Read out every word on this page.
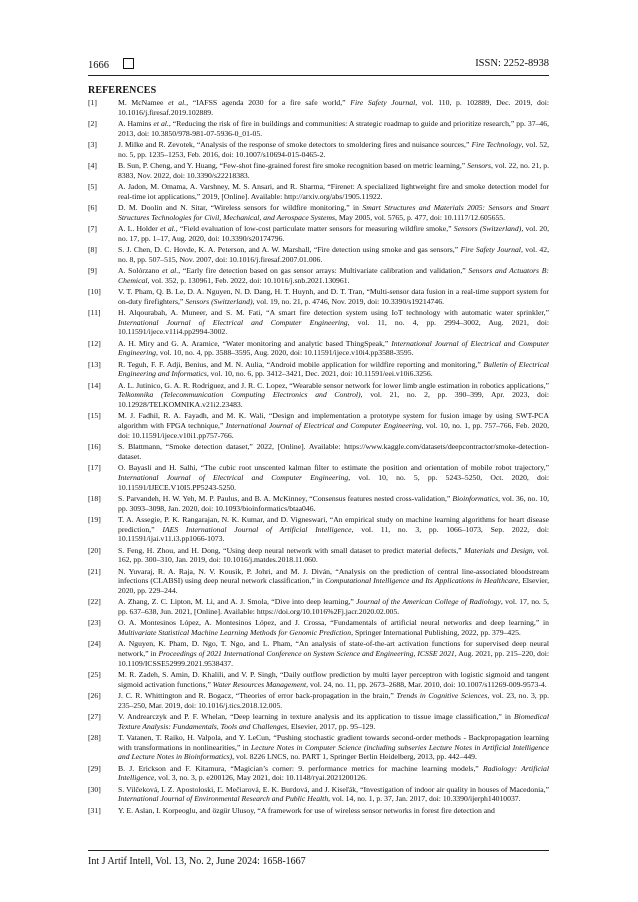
1666	ISSN: 2252-8938
REFERENCES
[1]	M. McNamee et al., “IAFSS agenda 2030 for a fire safe world,” Fire Safety Journal, vol. 110, p. 102889, Dec. 2019, doi: 10.1016/j.firesaf.2019.102889.
[2]	A. Hamins et al., “Reducing the risk of fire in buildings and communities: A strategic roadmap to guide and prioritize research,” pp. 37–46, 2013, doi: 10.3850/978-981-07-5936-0_01-05.
[3]	J. Milke and R. Zevotek, “Analysis of the response of smoke detectors to smoldering fires and nuisance sources,” Fire Technology, vol. 52, no. 5, pp. 1235–1253, Feb. 2016, doi: 10.1007/s10694-015-0465-2.
[4]	B. Sun, P. Cheng, and Y. Huang, “Few-shot fine-grained forest fire smoke recognition based on metric learning,” Sensors, vol. 22, no. 21, p. 8383, Nov. 2022, doi: 10.3390/s22218383.
[5]	A. Jadon, M. Omama, A. Varshney, M. S. Ansari, and R. Sharma, “Firenet: A specialized lightweight fire and smoke detection model for real-time iot applications,” 2019, [Online]. Available: http://arxiv.org/abs/1905.11922.
[6]	D. M. Doolin and N. Sitar, “Wireless sensors for wildfire monitoring,” in Smart Structures and Materials 2005: Sensors and Smart Structures Technologies for Civil, Mechanical, and Aerospace Systems, May 2005, vol. 5765, p. 477, doi: 10.1117/12.605655.
[7]	A. L. Holder et al., “Field evaluation of low-cost particulate matter sensors for measuring wildfire smoke,” Sensors (Switzerland), vol. 20, no. 17, pp. 1–17, Aug. 2020, doi: 10.3390/s20174796.
[8]	S. J. Chen, D. C. Hovde, K. A. Peterson, and A. W. Marshall, “Fire detection using smoke and gas sensors,” Fire Safety Journal, vol. 42, no. 8, pp. 507–515, Nov. 2007, doi: 10.1016/j.firesaf.2007.01.006.
[9]	A. Solórzano et al., “Early fire detection based on gas sensor arrays: Multivariate calibration and validation,” Sensors and Actuators B: Chemical, vol. 352, p. 130961, Feb. 2022, doi: 10.1016/j.snb.2021.130961.
[10] V. T. Pham, Q. B. Le, D. A. Nguyen, N. D. Dang, H. T. Huynh, and D. T. Tran, “Multi-sensor data fusion in a real-time support system for on-duty firefighters,” Sensors (Switzerland), vol. 19, no. 21, p. 4746, Nov. 2019, doi: 10.3390/s19214746.
[11] H. Alqourabah, A. Muneer, and S. M. Fati, “A smart fire detection system using IoT technology with automatic water sprinkler,” International Journal of Electrical and Computer Engineering, vol. 11, no. 4, pp. 2994–3002, Aug. 2021, doi: 10.11591/ijece.v11i4.pp2994-3002.
[12] A. H. Miry and G. A. Aramice, “Water monitoring and analytic based ThingSpeak,” International Journal of Electrical and Computer Engineering, vol. 10, no. 4, pp. 3588–3595, Aug. 2020, doi: 10.11591/ijece.v10i4.pp3588-3595.
[13] R. Teguh, F. F. Adji, Benius, and M. N. Aulia, “Android mobile application for wildfire reporting and monitoring,” Bulletin of Electrical Engineering and Informatics, vol. 10, no. 6, pp. 3412–3421, Dec. 2021, doi: 10.11591/eei.v10i6.3256.
[14] A. L. Jutinico, G. A. R. Rodriguez, and J. R. C. Lopez, “Wearable sensor network for lower limb angle estimation in robotics applications,” Telkomnika (Telecommunication Computing Electronics and Control), vol. 21, no. 2, pp. 390–399, Apr. 2023, doi: 10.12928/TELKOMNIKA.v21i2.23483.
[15] M. J. Fadhil, R. A. Fayadh, and M. K. Wali, “Design and implementation a prototype system for fusion image by using SWT-PCA algorithm with FPGA technique,” International Journal of Electrical and Computer Engineering, vol. 10, no. 1, pp. 757–766, Feb. 2020, doi: 10.11591/ijece.v10i1.pp757-766.
[16] S. Blattmann, “Smoke detection dataset,” 2022, [Online]. Available: https://www.kaggle.com/datasets/deepcontractor/smoke-detection-dataset.
[17] O. Bayasli and H. Salhi, “The cubic root unscented kalman filter to estimate the position and orientation of mobile robot trajectory,” International Journal of Electrical and Computer Engineering, vol. 10, no. 5, pp. 5243–5250, Oct. 2020, doi: 10.11591/IJECE.V10I5.PP5243-5250.
[18] S. Parvandeh, H. W. Yeh, M. P. Paulus, and B. A. McKinney, “Consensus features nested cross-validation,” Bioinformatics, vol. 36, no. 10, pp. 3093–3098, Jan. 2020, doi: 10.1093/bioinformatics/btaa046.
[19] T. A. Assegie, P. K. Rangarajan, N. K. Kumar, and D. Vigneswari, “An empirical study on machine learning algorithms for heart disease prediction,” IAES International Journal of Artificial Intelligence, vol. 11, no. 3, pp. 1066–1073, Sep. 2022, doi: 10.11591/ijai.v11.i3.pp1066-1073.
[20] S. Feng, H. Zhou, and H. Dong, “Using deep neural network with small dataset to predict material defects,” Materials and Design, vol. 162, pp. 300–310, Jan. 2019, doi: 10.1016/j.matdes.2018.11.060.
[21] N. Yuvaraj, R. A. Raja, N. V. Kousik, P. Johri, and M. J. Diván, “Analysis on the prediction of central line-associated bloodstream infections (CLABSI) using deep neural network classification,” in Computational Intelligence and Its Applications in Healthcare, Elsevier, 2020, pp. 229–244.
[22] A. Zhang, Z. C. Lipton, M. Li, and A. J. Smola, “Dive into deep learning,” Journal of the American College of Radiology, vol. 17, no. 5, pp. 637–638, Jun. 2021, [Online]. Available: https://doi.org/10.1016%2Fj.jacr.2020.02.005.
[23] O. A. Montesinos López, A. Montesinos López, and J. Crossa, “Fundamentals of artificial neural networks and deep learning,” in Multivariate Statistical Machine Learning Methods for Genomic Prediction, Springer International Publishing, 2022, pp. 379–425.
[24] A. Nguyen, K. Pham, D. Ngo, T. Ngo, and L. Pham, “An analysis of state-of-the-art activation functions for supervised deep neural network,” in Proceedings of 2021 International Conference on System Science and Engineering, ICSSE 2021, Aug. 2021, pp. 215–220, doi: 10.1109/ICSSE52999.2021.9538437.
[25] M. R. Zadeh, S. Amin, D. Khalili, and V. P. Singh, “Daily outflow prediction by multi layer perceptron with logistic sigmoid and tangent sigmoid activation functions,” Water Resources Management, vol. 24, no. 11, pp. 2673–2688, Mar. 2010, doi: 10.1007/s11269-009-9573-4.
[26] J. C. R. Whittington and R. Bogacz, “Theories of error back-propagation in the brain,” Trends in Cognitive Sciences, vol. 23, no. 3, pp. 235–250, Mar. 2019, doi: 10.1016/j.tics.2018.12.005.
[27] V. Andrearczyk and P. F. Whelan, “Deep learning in texture analysis and its application to tissue image classification,” in Biomedical Texture Analysis: Fundamentals, Tools and Challenges, Elsevier, 2017, pp. 95–129.
[28] T. Vatanen, T. Raiko, H. Valpola, and Y. LeCun, “Pushing stochastic gradient towards second-order methods - Backpropagation learning with transformations in nonlinearities,” in Lecture Notes in Computer Science (including subseries Lecture Notes in Artificial Intelligence and Lecture Notes in Bioinformatics), vol. 8226 LNCS, no. PART 1, Springer Berlin Heidelberg, 2013, pp. 442–449.
[29] B. J. Erickson and F. Kitamura, “Magician’s corner: 9. performance metrics for machine learning models,” Radiology: Artificial Intelligence, vol. 3, no. 3, p. e200126, May 2021, doi: 10.1148/ryai.2021200126.
[30] S. Vilčeková, I. Z. Apostoloski, Ľ. Mečiarová, E. K. Burdová, and J. Kiseľák, “Investigation of indoor air quality in houses of Macedonia,” International Journal of Environmental Research and Public Health, vol. 14, no. 1, p. 37, Jan. 2017, doi: 10.3390/ijerph14010037.
[31] Y. E. Aslan, I. Korpeoglu, and özgür Ulusoy, “A framework for use of wireless sensor networks in forest fire detection and
Int J Artif Intell, Vol. 13, No. 2, June 2024: 1658-1667
